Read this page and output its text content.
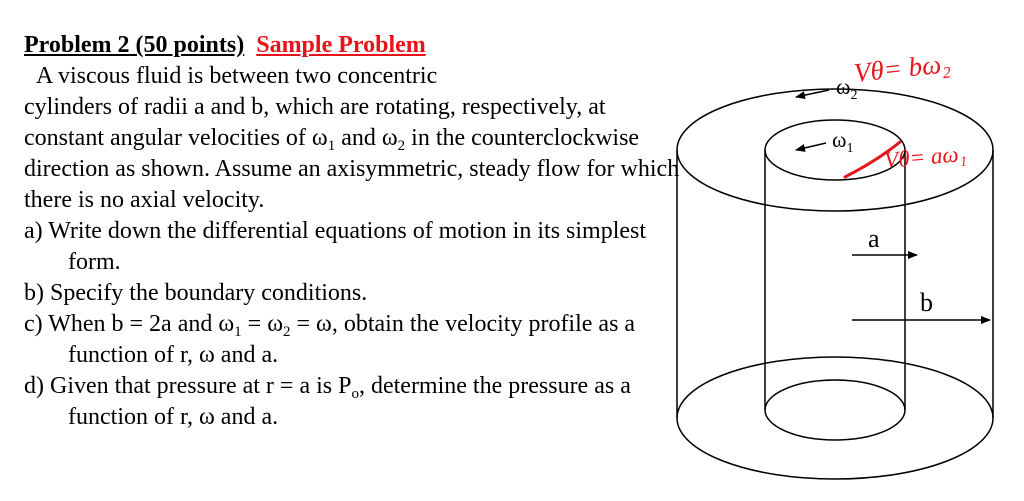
Problem 2 (50 points) Sample Problem
A viscous fluid is between two concentric
cylinders of radii a and b, which are rotating, respectively, at constant angular velocities of $\omega_1$ and $\omega_2$ in the counterclockwise direction as shown. Assume an axisymmetric, steady flow for which there is no axial velocity.
a) Write down the differential equations of motion in its simplest form.
b) Specify the boundary conditions.
c) When b = 2a and $\omega_1 = \omega_2 = \omega$, obtain the velocity profile as a function of r, ω and a.
d) Given that pressure at r = a is $P_o$, determine the pressure as a function of r, ω and a.
$\omega_2$
$\omega_1$
a
b
Vθ= bω₂
Vθ= aω₁
